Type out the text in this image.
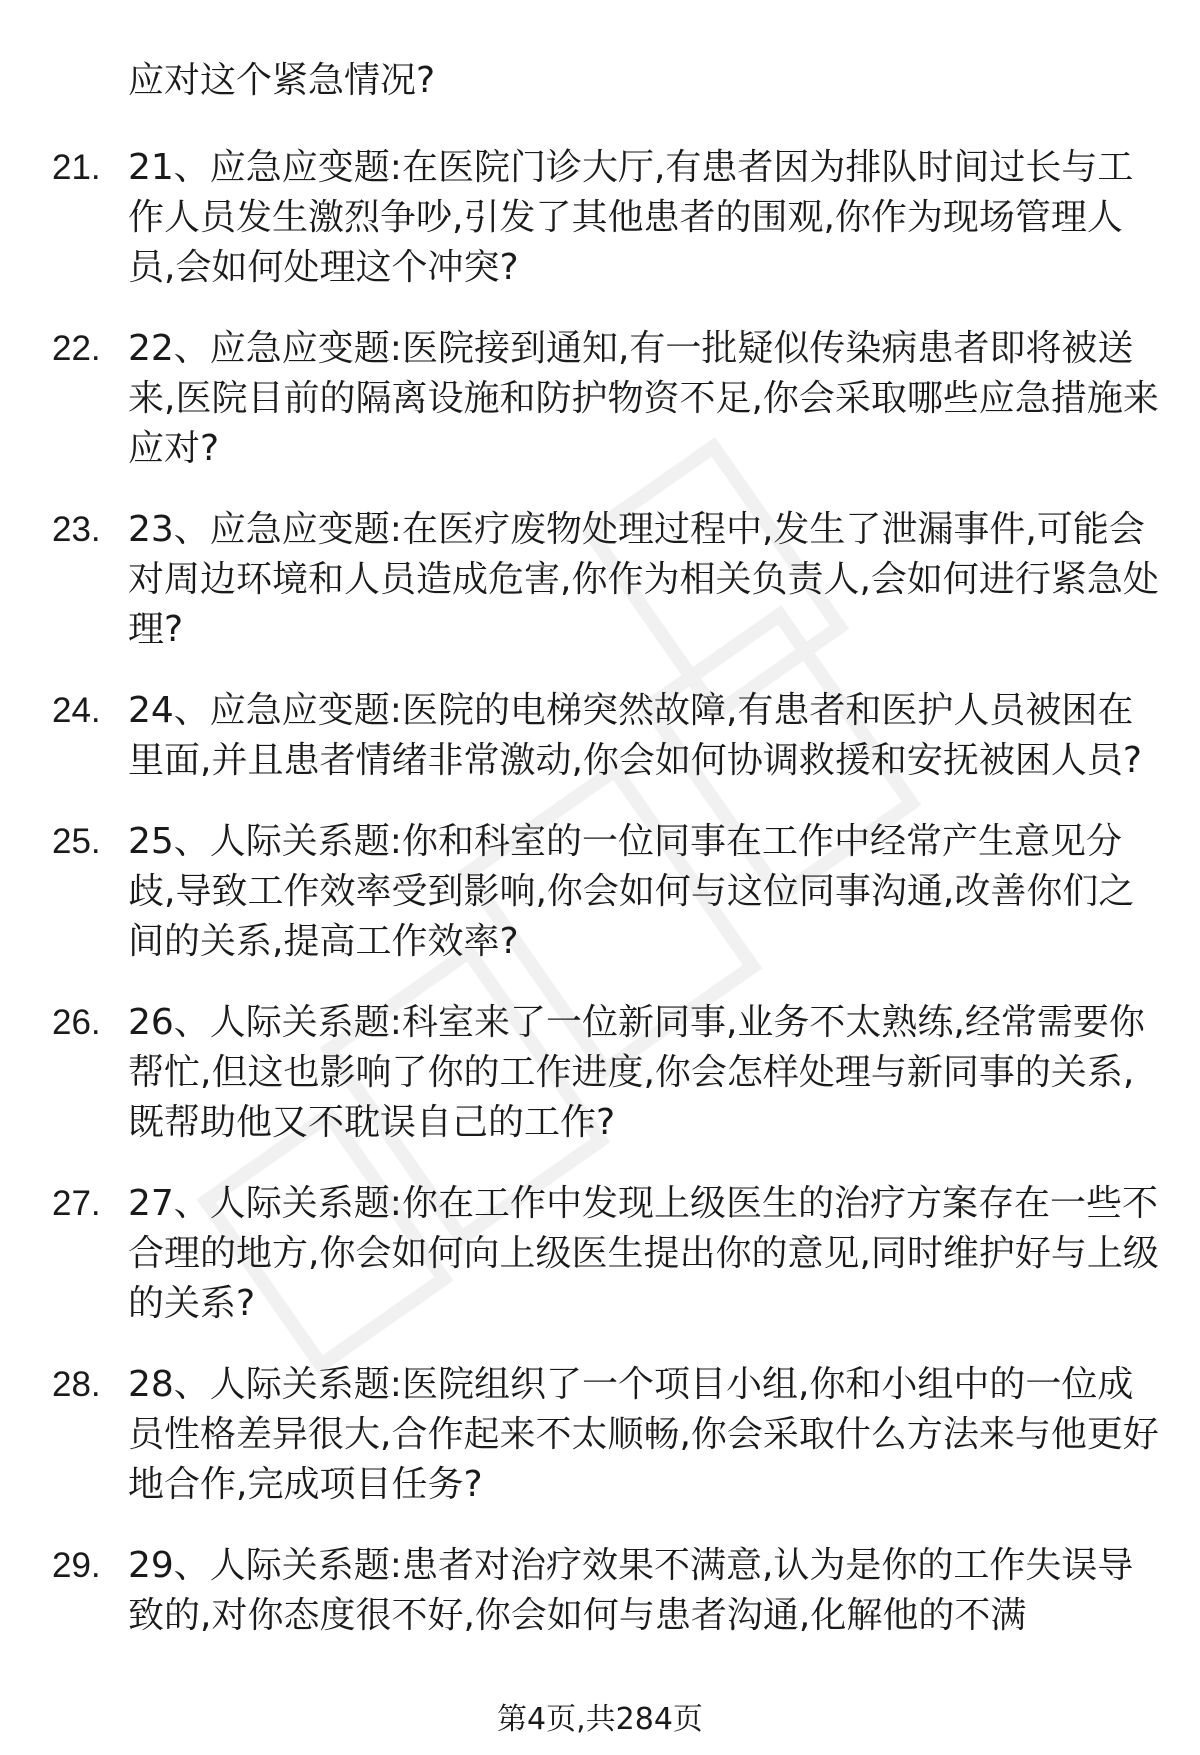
应对这个紧急情况?

21. 21、应急应变题:在医院门诊大厅,有患者因为排队时间过长与工作人员发生激烈争吵,引发了其他患者的围观,你作为现场管理人员,会如何处理这个冲突?

22. 22、应急应变题:医院接到通知,有一批疑似传染病患者即将被送来,医院目前的隔离设施和防护物资不足,你会采取哪些应急措施来应对?

23. 23、应急应变题:在医疗废物处理过程中,发生了泄漏事件,可能会对周边环境和人员造成危害,你作为相关负责人,会如何进行紧急处理?

24. 24、应急应变题:医院的电梯突然故障,有患者和医护人员被困在里面,并且患者情绪非常激动,你会如何协调救援和安抚被困人员?

25. 25、人际关系题:你和科室的一位同事在工作中经常产生意见分歧,导致工作效率受到影响,你会如何与这位同事沟通,改善你们之间的关系,提高工作效率?

26. 26、人际关系题:科室来了一位新同事,业务不太熟练,经常需要你帮忙,但这也影响了你的工作进度,你会怎样处理与新同事的关系,既帮助他又不耽误自己的工作?

27. 27、人际关系题:你在工作中发现上级医生的治疗方案存在一些不合理的地方,你会如何向上级医生提出你的意见,同时维护好与上级的关系?

28. 28、人际关系题:医院组织了一个项目小组,你和小组中的一位成员性格差异很大,合作起来不太顺畅,你会采取什么方法来与他更好地合作,完成项目任务?

29. 29、人际关系题:患者对治疗效果不满意,认为是你的工作失误导致的,对你态度很不好,你会如何与患者沟通,化解他的不满

第4页,共284页
